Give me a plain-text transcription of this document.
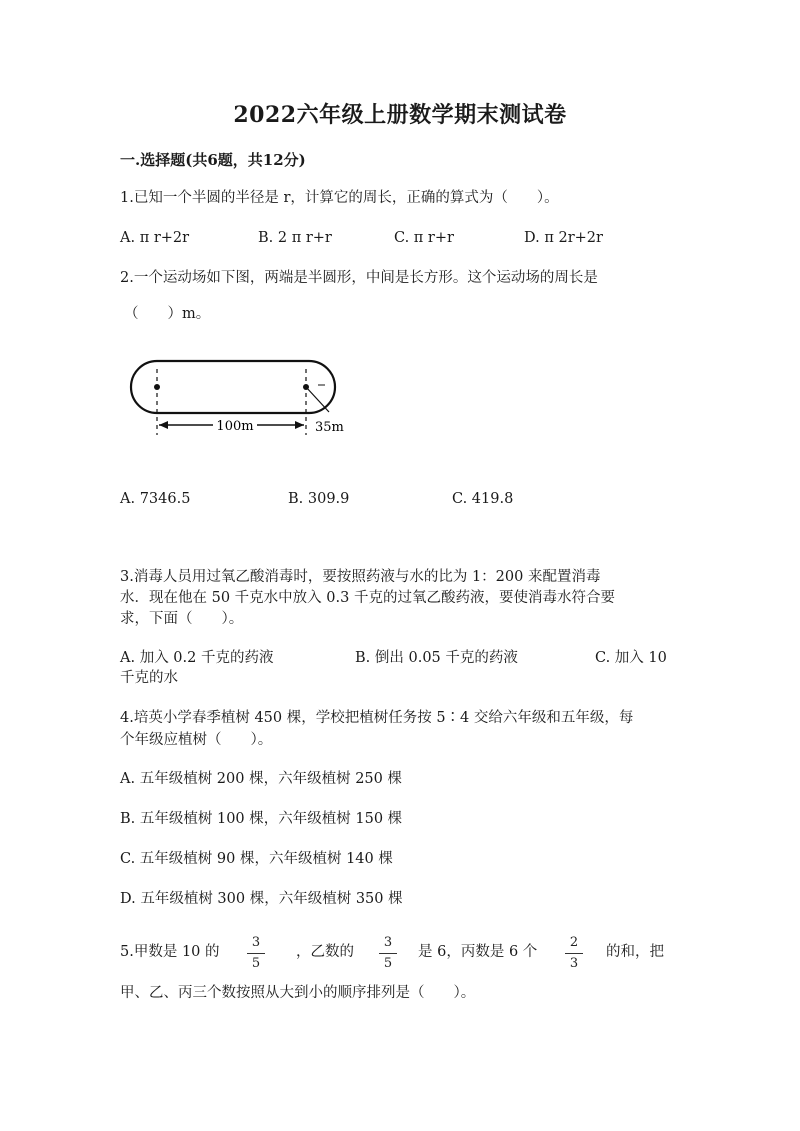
2022六年级上册数学期末测试卷
一.选择题(共6题，共12分)
1.已知一个半圆的半径是 r，计算它的周长，正确的算式为（　　）。
A. π r+2r	B. 2 π r+r	C. π r+r	D. π 2r+2r
2.一个运动场如下图，两端是半圆形，中间是长方形。这个运动场的周长是
（　　）m。
100m	35m
A. 7346.5	B. 309.9	C. 419.8
3.消毒人员用过氧乙酸消毒时，要按照药液与水的比为 1：200 来配置消毒
水．现在他在 50 千克水中放入 0.3 千克的过氧乙酸药液，要使消毒水符合要
求，下面（　　）。
A. 加入 0.2 千克的药液	B. 倒出 0.05 千克的药液	C. 加入 10
千克的水
4.培英小学春季植树 450 棵，学校把植树任务按 5∶4 交给六年级和五年级，每
个年级应植树（　　）。
A. 五年级植树 200 棵，六年级植树 250 棵
B. 五年级植树 100 棵，六年级植树 150 棵
C. 五年级植树 90 棵，六年级植树 140 棵
D. 五年级植树 300 棵，六年级植树 350 棵
5.甲数是 10 的
3
5
，乙数的
3
5
是 6，丙数是 6 个
2
3
的和，把
甲、乙、丙三个数按照从大到小的顺序排列是（　　）。
